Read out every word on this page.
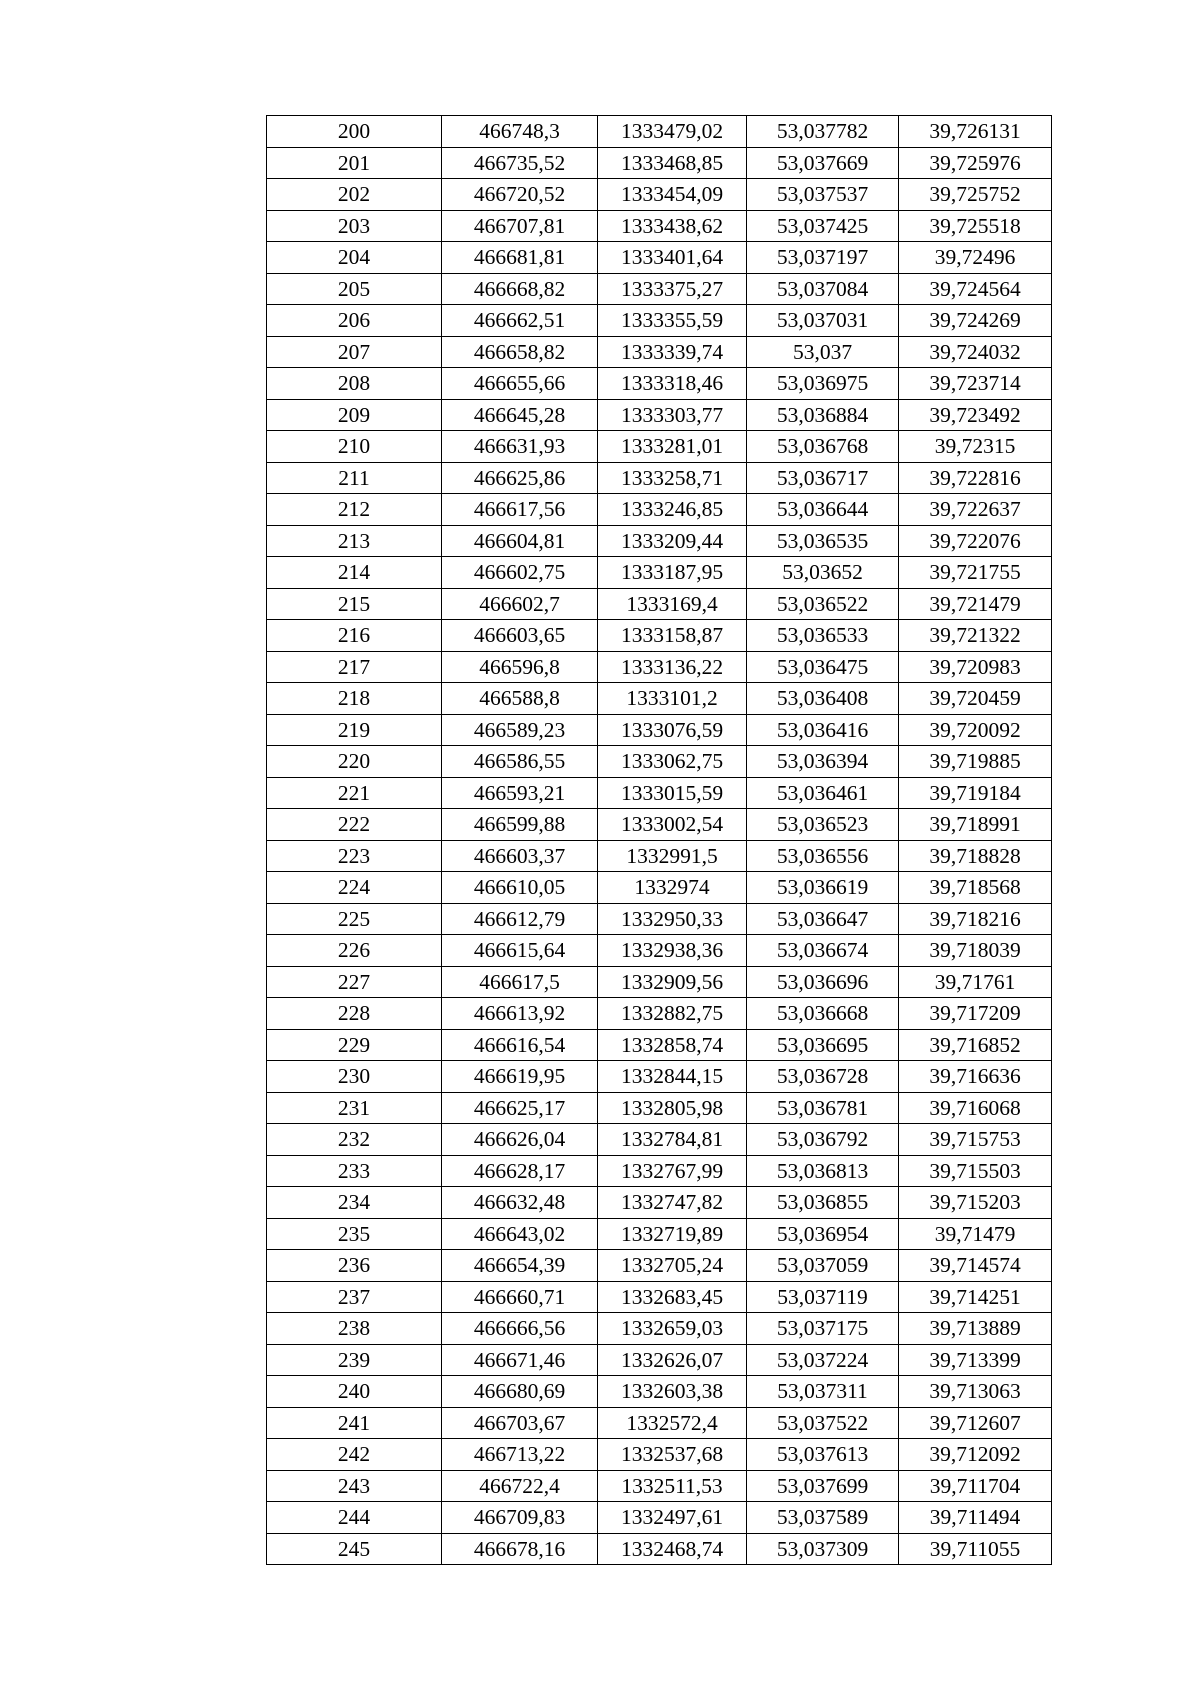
200	466748,3	1333479,02	53,037782	39,726131
201	466735,52	1333468,85	53,037669	39,725976
202	466720,52	1333454,09	53,037537	39,725752
203	466707,81	1333438,62	53,037425	39,725518
204	466681,81	1333401,64	53,037197	39,72496
205	466668,82	1333375,27	53,037084	39,724564
206	466662,51	1333355,59	53,037031	39,724269
207	466658,82	1333339,74	53,037	39,724032
208	466655,66	1333318,46	53,036975	39,723714
209	466645,28	1333303,77	53,036884	39,723492
210	466631,93	1333281,01	53,036768	39,72315
211	466625,86	1333258,71	53,036717	39,722816
212	466617,56	1333246,85	53,036644	39,722637
213	466604,81	1333209,44	53,036535	39,722076
214	466602,75	1333187,95	53,03652	39,721755
215	466602,7	1333169,4	53,036522	39,721479
216	466603,65	1333158,87	53,036533	39,721322
217	466596,8	1333136,22	53,036475	39,720983
218	466588,8	1333101,2	53,036408	39,720459
219	466589,23	1333076,59	53,036416	39,720092
220	466586,55	1333062,75	53,036394	39,719885
221	466593,21	1333015,59	53,036461	39,719184
222	466599,88	1333002,54	53,036523	39,718991
223	466603,37	1332991,5	53,036556	39,718828
224	466610,05	1332974	53,036619	39,718568
225	466612,79	1332950,33	53,036647	39,718216
226	466615,64	1332938,36	53,036674	39,718039
227	466617,5	1332909,56	53,036696	39,71761
228	466613,92	1332882,75	53,036668	39,717209
229	466616,54	1332858,74	53,036695	39,716852
230	466619,95	1332844,15	53,036728	39,716636
231	466625,17	1332805,98	53,036781	39,716068
232	466626,04	1332784,81	53,036792	39,715753
233	466628,17	1332767,99	53,036813	39,715503
234	466632,48	1332747,82	53,036855	39,715203
235	466643,02	1332719,89	53,036954	39,71479
236	466654,39	1332705,24	53,037059	39,714574
237	466660,71	1332683,45	53,037119	39,714251
238	466666,56	1332659,03	53,037175	39,713889
239	466671,46	1332626,07	53,037224	39,713399
240	466680,69	1332603,38	53,037311	39,713063
241	466703,67	1332572,4	53,037522	39,712607
242	466713,22	1332537,68	53,037613	39,712092
243	466722,4	1332511,53	53,037699	39,711704
244	466709,83	1332497,61	53,037589	39,711494
245	466678,16	1332468,74	53,037309	39,711055
